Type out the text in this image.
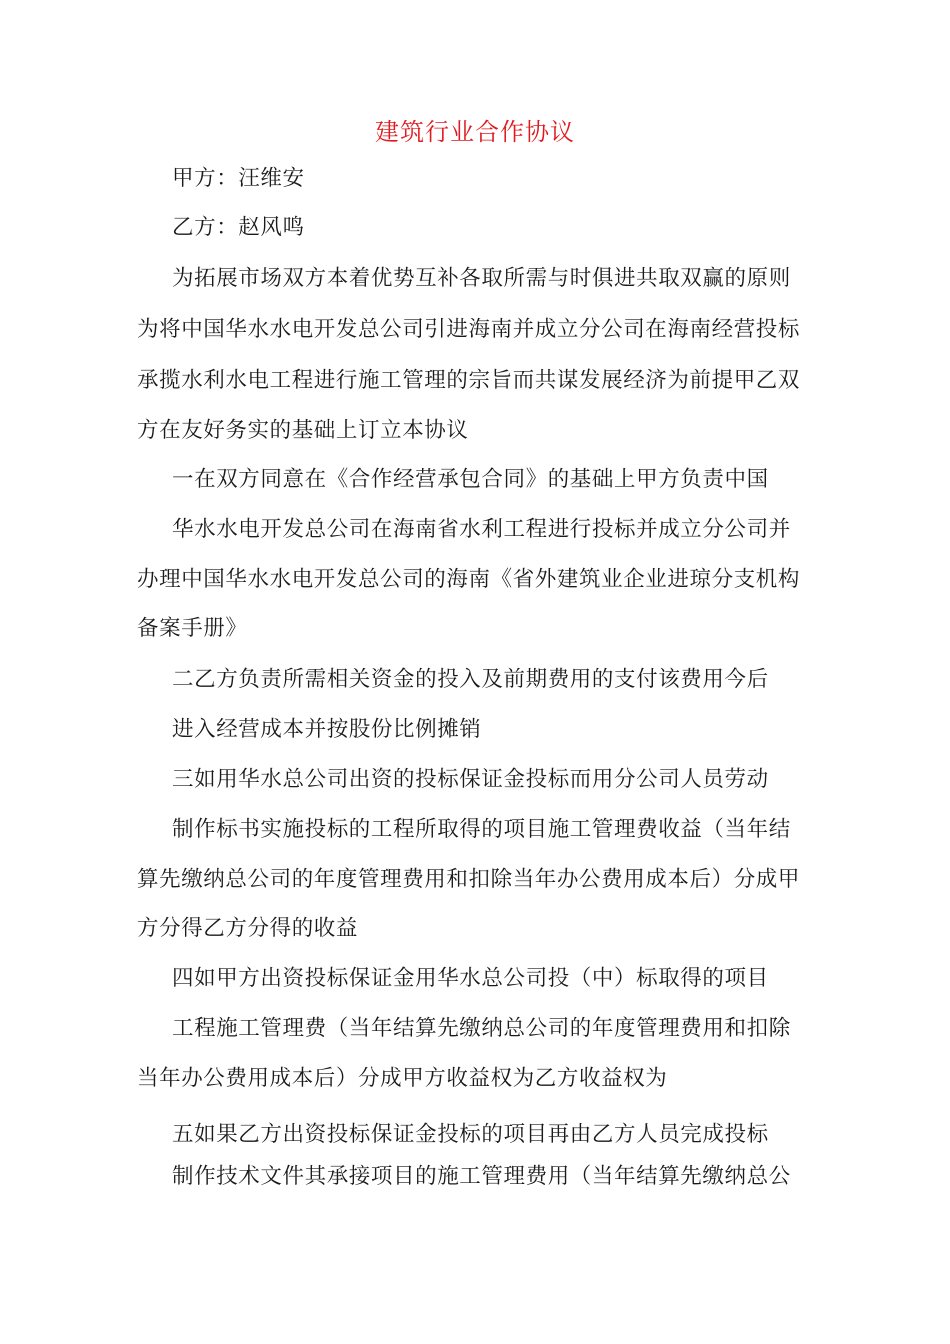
建筑行业合作协议
甲方：汪维安
乙方：赵风鸣
为拓展市场双方本着优势互补各取所需与时俱进共取双赢的原则
为将中国华水水电开发总公司引进海南并成立分公司在海南经营投标
承揽水利水电工程进行施工管理的宗旨而共谋发展经济为前提甲乙双
方在友好务实的基础上订立本协议
一在双方同意在《合作经营承包合同》的基础上甲方负责中国
华水水电开发总公司在海南省水利工程进行投标并成立分公司并
办理中国华水水电开发总公司的海南《省外建筑业企业进琼分支机构
备案手册》
二乙方负责所需相关资金的投入及前期费用的支付该费用今后
进入经营成本并按股份比例摊销
三如用华水总公司出资的投标保证金投标而用分公司人员劳动
制作标书实施投标的工程所取得的项目施工管理费收益（当年结
算先缴纳总公司的年度管理费用和扣除当年办公费用成本后）分成甲
方分得乙方分得的收益
四如甲方出资投标保证金用华水总公司投（中）标取得的项目
工程施工管理费（当年结算先缴纳总公司的年度管理费用和扣除
当年办公费用成本后）分成甲方收益权为乙方收益权为
五如果乙方出资投标保证金投标的项目再由乙方人员完成投标
制作技术文件其承接项目的施工管理费用（当年结算先缴纳总公
